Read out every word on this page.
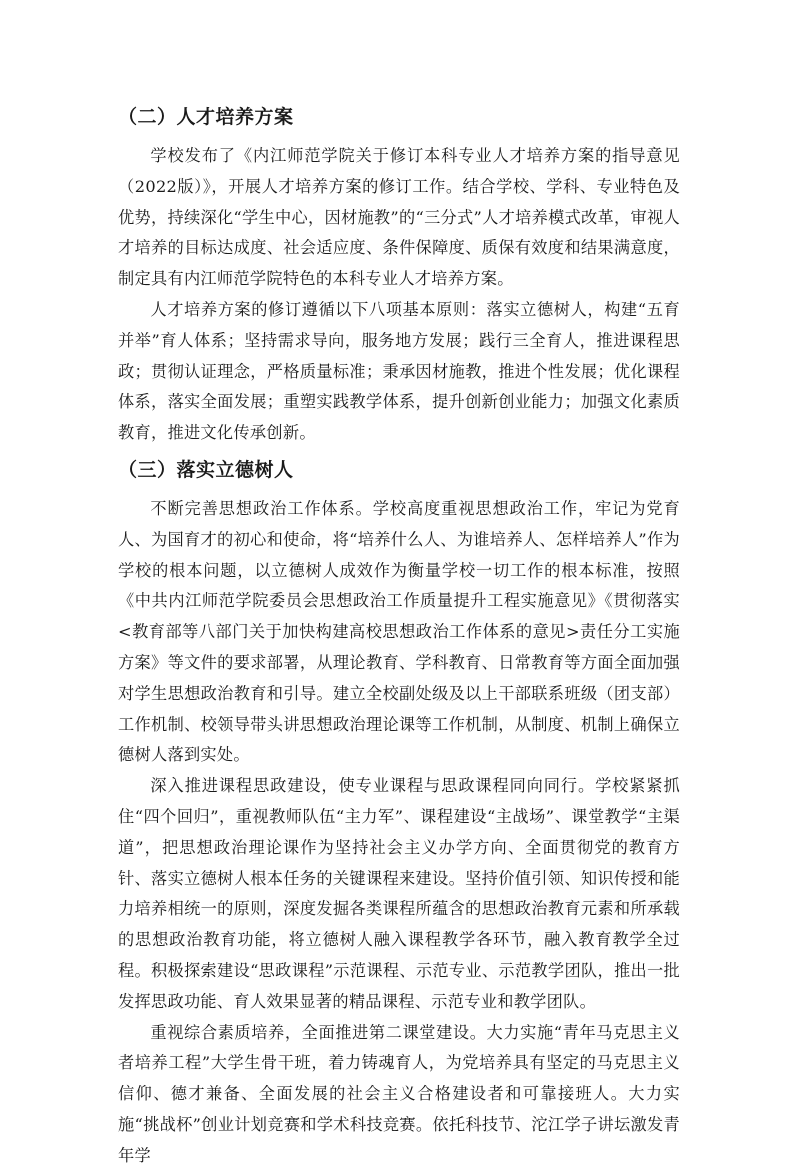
（二）人才培养方案

学校发布了《内江师范学院关于修订本科专业人才培养方案的指导意见（2022版）》，开展人才培养方案的修订工作。结合学校、学科、专业特色及优势，持续深化“学生中心，因材施教”的“三分式”人才培养模式改革，审视人才培养的目标达成度、社会适应度、条件保障度、质保有效度和结果满意度，制定具有内江师范学院特色的本科专业人才培养方案。

人才培养方案的修订遵循以下八项基本原则：落实立德树人，构建“五育并举”育人体系；坚持需求导向，服务地方发展；践行三全育人，推进课程思政；贯彻认证理念，严格质量标准；秉承因材施教，推进个性发展；优化课程体系，落实全面发展；重塑实践教学体系，提升创新创业能力；加强文化素质教育，推进文化传承创新。

（三）落实立德树人

不断完善思想政治工作体系。学校高度重视思想政治工作，牢记为党育人、为国育才的初心和使命，将“培养什么人、为谁培养人、怎样培养人”作为学校的根本问题，以立德树人成效作为衡量学校一切工作的根本标准，按照《中共内江师范学院委员会思想政治工作质量提升工程实施意见》《贯彻落实<教育部等八部门关于加快构建高校思想政治工作体系的意见>责任分工实施方案》等文件的要求部署，从理论教育、学科教育、日常教育等方面全面加强对学生思想政治教育和引导。建立全校副处级及以上干部联系班级（团支部）工作机制、校领导带头讲思想政治理论课等工作机制，从制度、机制上确保立德树人落到实处。

深入推进课程思政建设，使专业课程与思政课程同向同行。学校紧紧抓住“四个回归”，重视教师队伍“主力军”、课程建设“主战场”、课堂教学“主渠道”，把思想政治理论课作为坚持社会主义办学方向、全面贯彻党的教育方针、落实立德树人根本任务的关键课程来建设。坚持价值引领、知识传授和能力培养相统一的原则，深度发掘各类课程所蕴含的思想政治教育元素和所承载的思想政治教育功能，将立德树人融入课程教学各环节，融入教育教学全过程。积极探索建设“思政课程”示范课程、示范专业、示范教学团队，推出一批发挥思政功能、育人效果显著的精品课程、示范专业和教学团队。

重视综合素质培养，全面推进第二课堂建设。大力实施“青年马克思主义者培养工程”大学生骨干班，着力铸魂育人，为党培养具有坚定的马克思主义信仰、德才兼备、全面发展的社会主义合格建设者和可靠接班人。大力实施“挑战杯”创业计划竞赛和学术科技竞赛。依托科技节、沱江学子讲坛激发青年学
